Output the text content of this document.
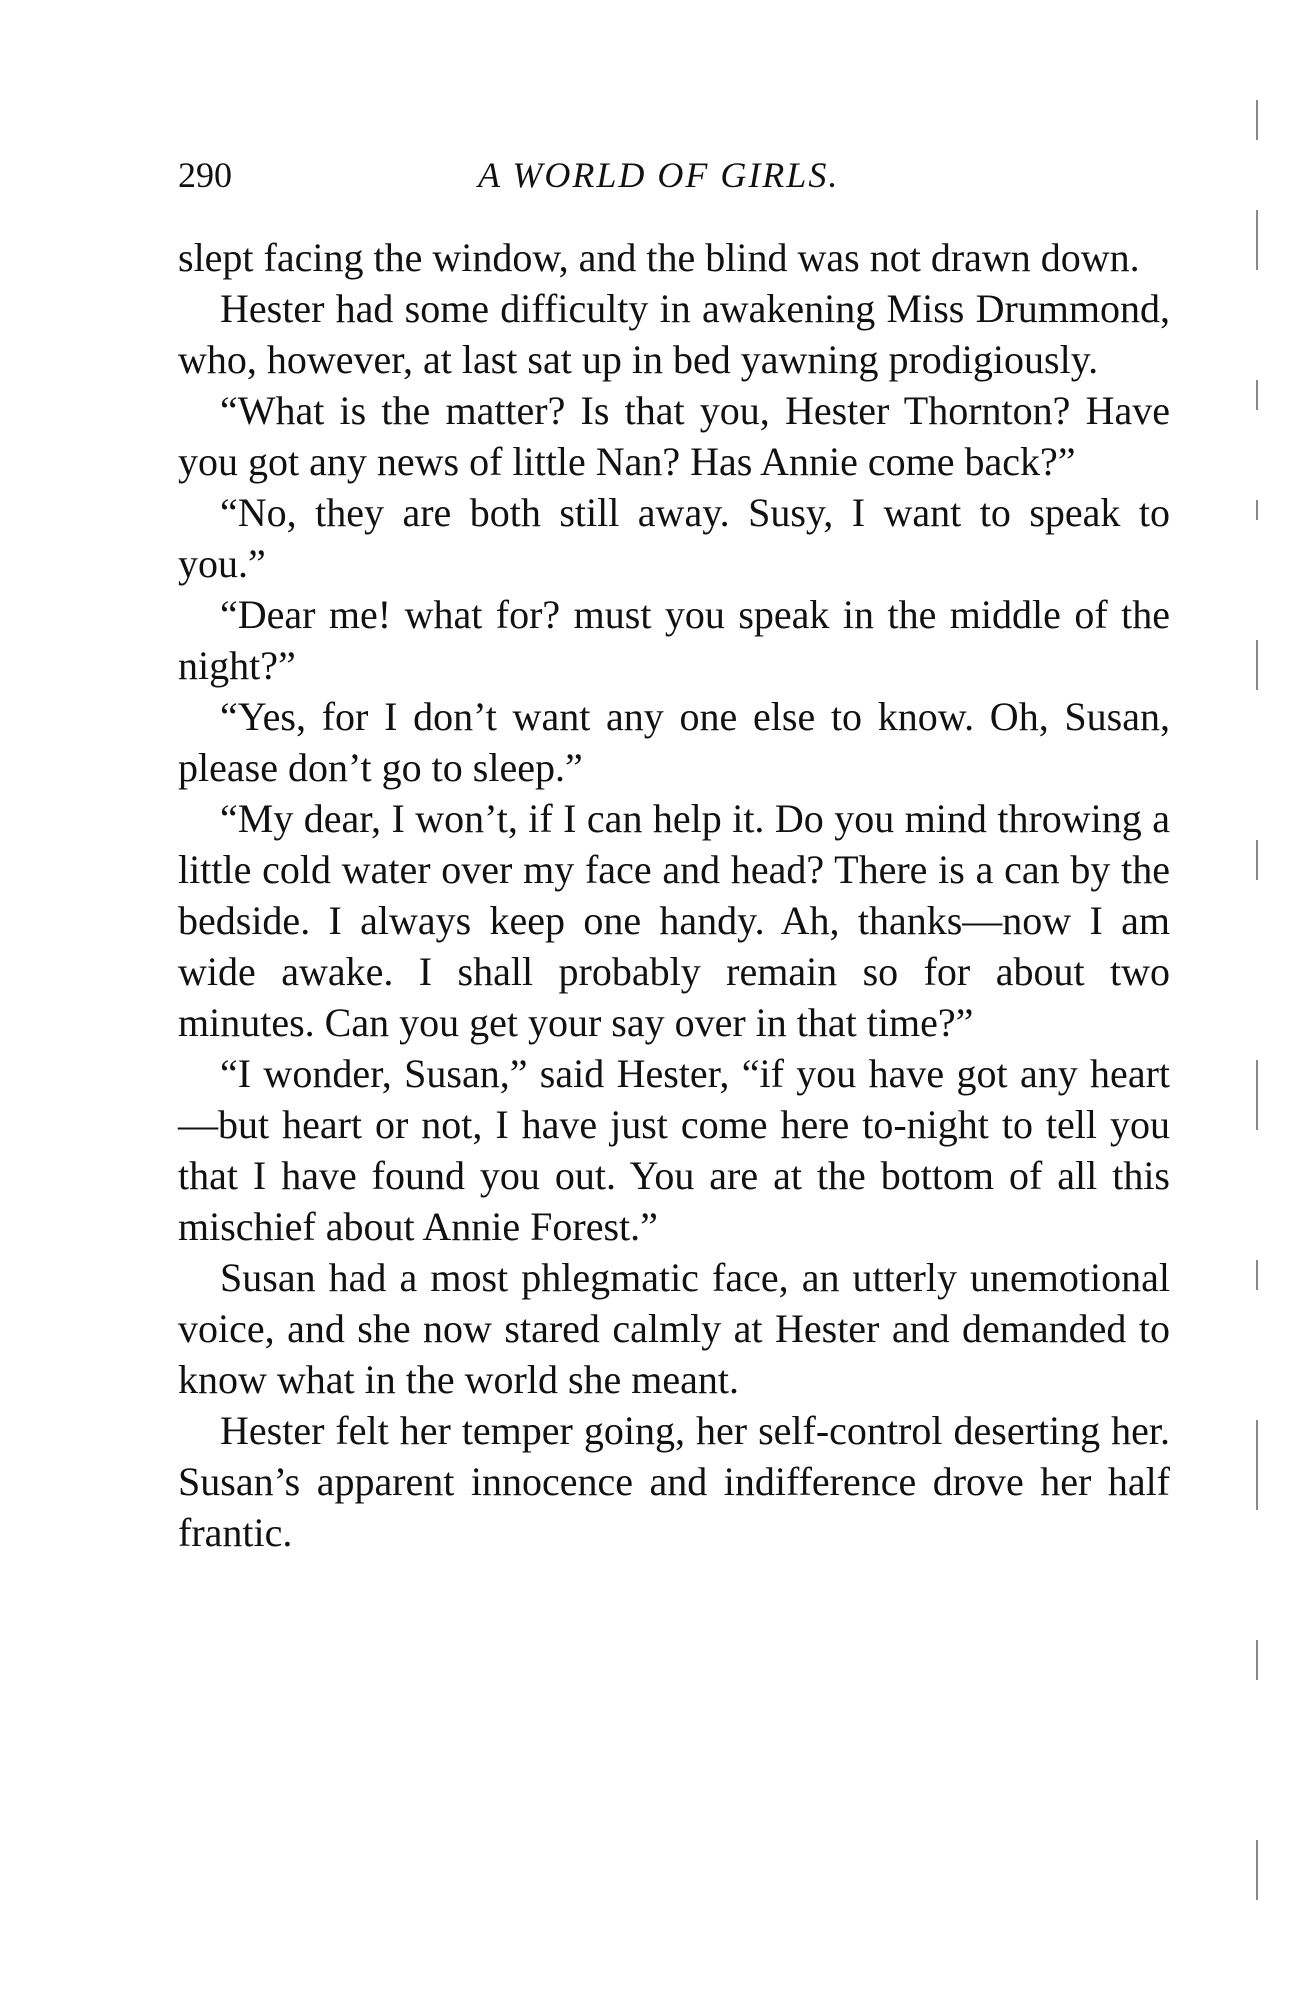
290	A WORLD OF GIRLS.

slept facing the window, and the blind was not drawn down.

Hester had some difficulty in awakening Miss Drummond, who, however, at last sat up in bed yawning prodigiously.

“What is the matter? Is that you, Hester Thornton? Have you got any news of little Nan? Has Annie come back?”

“No, they are both still away. Susy, I want to speak to you.”

“Dear me! what for? must you speak in the middle of the night?”

“Yes, for I don’t want any one else to know. Oh, Susan, please don’t go to sleep.”

“My dear, I won’t, if I can help it. Do you mind throwing a little cold water over my face and head? There is a can by the bedside. I always keep one handy. Ah, thanks—now I am wide awake. I shall probably remain so for about two minutes. Can you get your say over in that time?”

“I wonder, Susan,” said Hester, “if you have got any heart—but heart or not, I have just come here to-night to tell you that I have found you out. You are at the bottom of all this mischief about Annie Forest.”

Susan had a most phlegmatic face, an utterly unemotional voice, and she now stared calmly at Hester and demanded to know what in the world she meant.

Hester felt her temper going, her self-control deserting her. Susan’s apparent innocence and indifference drove her half frantic.
